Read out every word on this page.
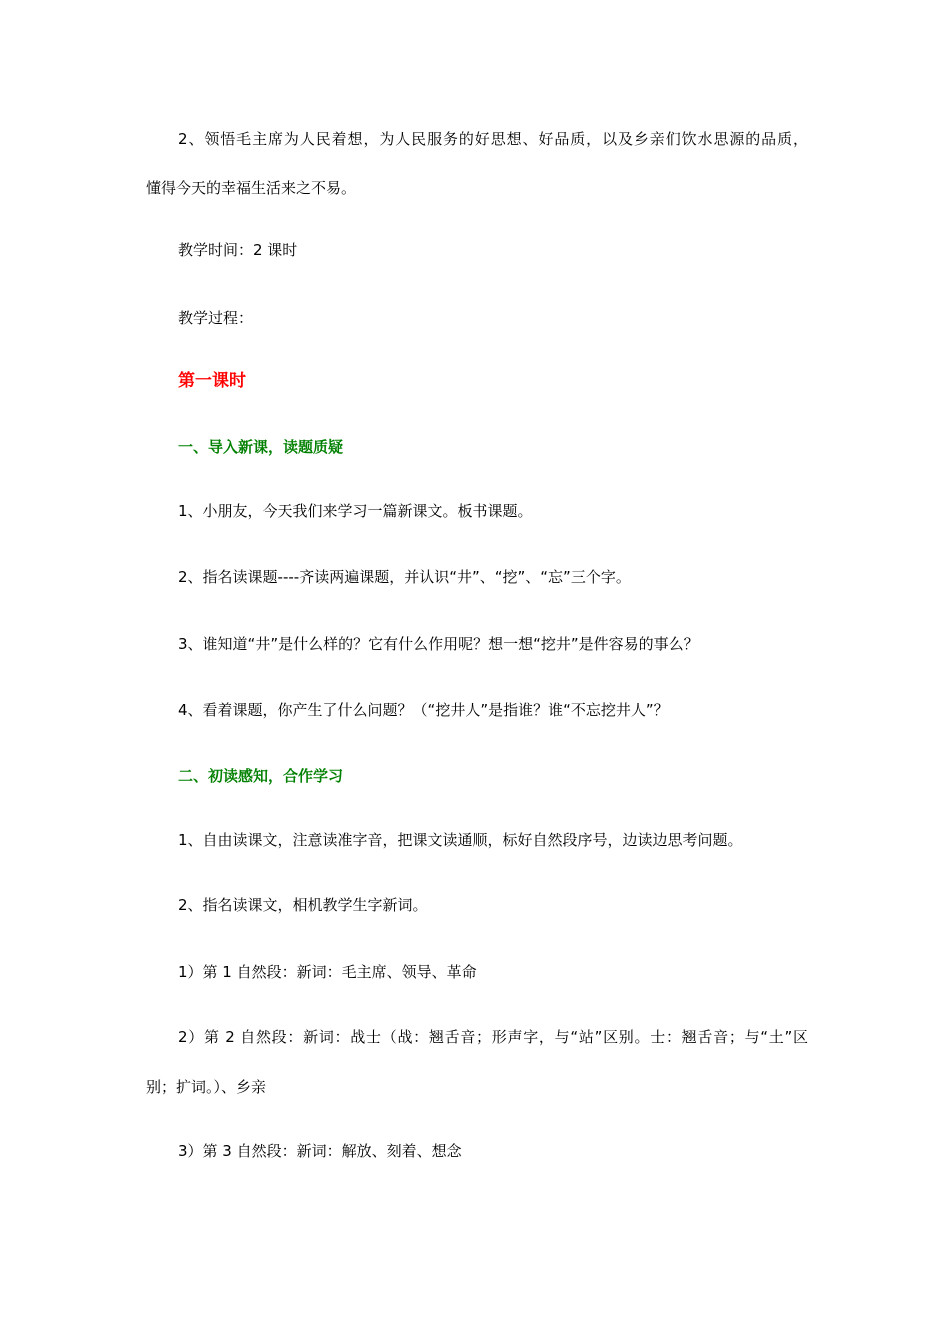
2、领悟毛主席为人民着想，为人民服务的好思想、好品质，以及乡亲们饮水思源的品质，
懂得今天的幸福生活来之不易。
教学时间：2 课时
教学过程：
第一课时
一、导入新课，读题质疑
1、小朋友，今天我们来学习一篇新课文。板书课题。
2、指名读课题----齐读两遍课题，并认识“井”、“挖”、“忘”三个字。
3、谁知道“井”是什么样的？它有什么作用呢？想一想“挖井”是件容易的事么？
4、看着课题，你产生了什么问题？（“挖井人”是指谁？谁“不忘挖井人”？
二、初读感知，合作学习
1、自由读课文，注意读准字音，把课文读通顺，标好自然段序号，边读边思考问题。
2、指名读课文，相机教学生字新词。
1）第 1 自然段：新词：毛主席、领导、革命
2）第 2 自然段：新词：战士（战：翘舌音；形声字，与“站”区别。士：翘舌音；与“土”区
别；扩词。）、乡亲
3）第 3 自然段：新词：解放、刻着、想念
